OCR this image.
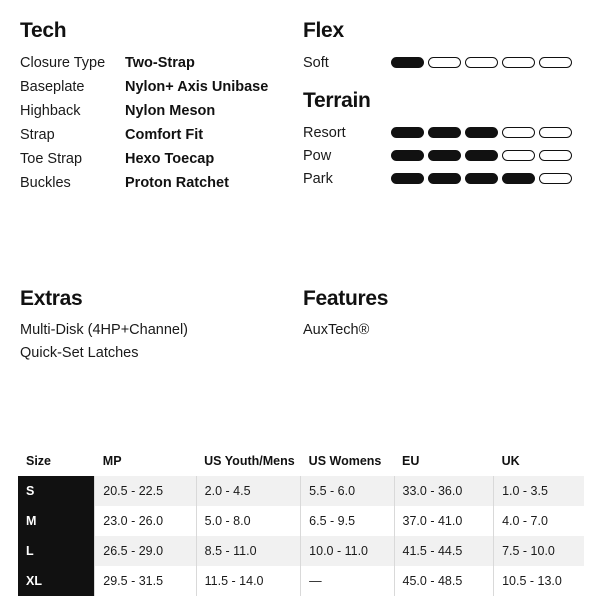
Tech
Closure Type	Two-Strap
Baseplate	Nylon+ Axis Unibase
Highback	Nylon Meson
Strap	Comfort Fit
Toe Strap	Hexo Toecap
Buckles	Proton Ratchet
Flex
Soft
Terrain
Resort
Pow
Park
Extras
Multi-Disk (4HP+Channel)
Quick-Set Latches
Features
AuxTech®
Size	MP	US Youth/Mens	US Womens	EU	UK
S	20.5 - 22.5	2.0 - 4.5	5.5 - 6.0	33.0 - 36.0	1.0 - 3.5
M	23.0 - 26.0	5.0 - 8.0	6.5 - 9.5	37.0 - 41.0	4.0 - 7.0
L	26.5 - 29.0	8.5 - 11.0	10.0 - 11.0	41.5 - 44.5	7.5 - 10.0
XL	29.5 - 31.5	11.5 - 14.0	—	45.0 - 48.5	10.5 - 13.0
